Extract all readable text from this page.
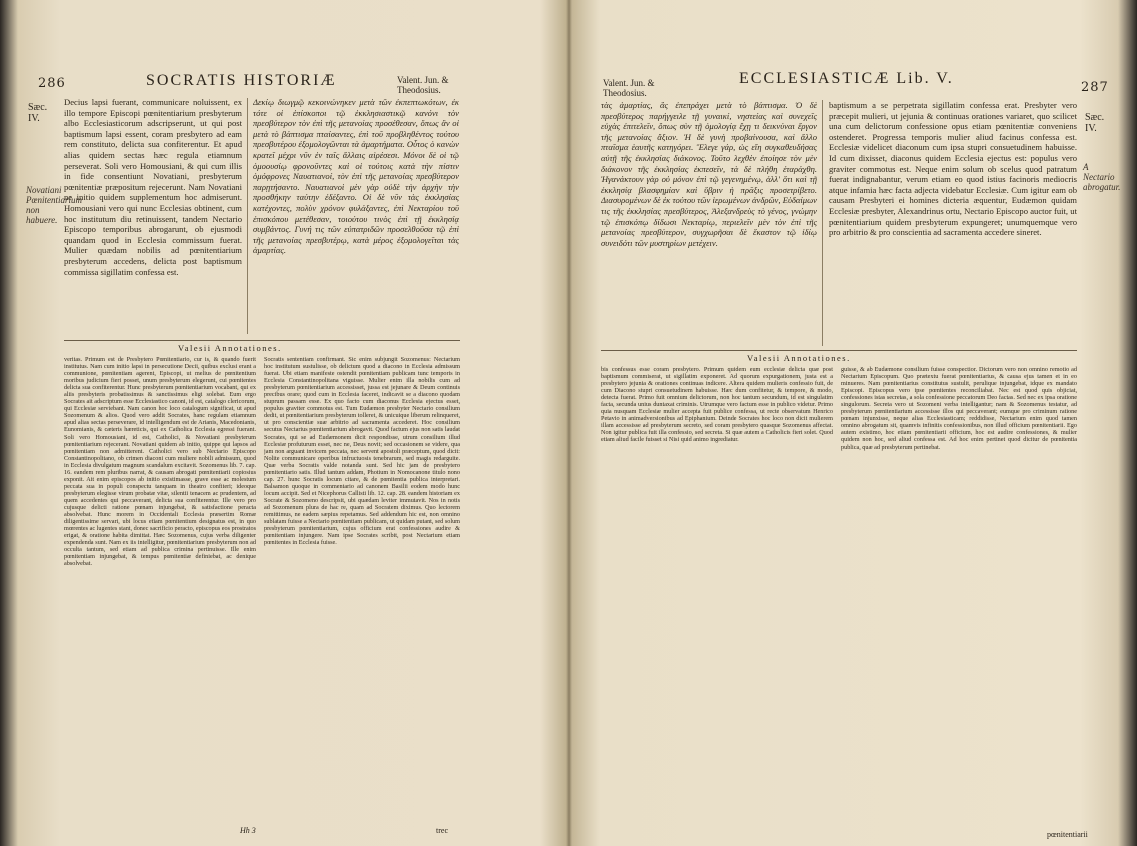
286	SOCRATIS HISTORIÆ	Valent. Jun. & Theodosius.
Sæc. IV.
Novatiani Pœnitentiarium non habuere.

Decius lapsi fuerant, communicare noluissent, ex illo tempore Episcopi pœnitentiarium presbyterum albo Ecclesiasticorum adscripserunt, ut qui post baptismum lapsi essent, coram presbytero ad eam rem constituto, delicta sua confiterentur. Et apud alias quidem sectas hæc regula etiamnum perseverat. Soli vero Homousiani, & qui cum illis in fide consentiunt Novatiani, presbyterum pœnitentiæ præpositum rejecerunt. Nam Novatiani ne initio quidem supplementum hoc admiserunt. Homousiani vero qui nunc Ecclesias obtinent, cum hoc institutum diu retinuissent, tandem Nectario Episcopo temporibus abrogarunt, ob ejusmodi quandam quod in Ecclesia commissum fuerat. Mulier quædam nobilis ad pœnitentiarium presbyterum accedens, delicta post baptismum commissa sigillatim confessa est.

Δεκίῳ διωγμῷ κεκοινώνηκεν μετὰ τῶν ἐκπεπτωκότων, ἐκ τότε οἱ ἐπίσκοποι τῷ ἐκκλησιαστικῷ κανόνι τὸν πρεσβύτερον τὸν ἐπὶ τῆς μετανοίας προσέθεσαν, ὅπως ἂν οἱ μετὰ τὸ βάπτισμα πταίσαντες, ἐπὶ τοῦ προβληθέντος τούτου πρεσβυτέρου ἐξομολογῶνται τὰ ἁμαρτήματα. Οὗτος ὁ κανὼν κρατεῖ μέχρι νῦν ἐν ταῖς ἄλλαις αἱρέσεσι. Μόνοι δὲ οἱ τῷ ὁμοουσίῳ φρονοῦντες καὶ οἱ τούτοις κατὰ τὴν πίστιν ὁμόφρονες Ναυατιανοί, τὸν ἐπὶ τῆς μετανοίας πρεσβύτερον παρῃτήσαντο. Ναυατιανοὶ μὲν γὰρ οὐδὲ τὴν ἀρχὴν τὴν προσθήκην ταύτην ἐδέξαντο. Οἱ δὲ νῦν τὰς ἐκκλησίας κατέχοντες, πολὺν χρόνον φυλάξαντες, ἐπὶ Νεκταρίου τοῦ ἐπισκόπου μετέθεσαν, τοιούτου τινὸς ἐπὶ τῇ ἐκκλησίᾳ συμβάντος. Γυνή τις τῶν εὐπατριδῶν προσελθοῦσα τῷ ἐπὶ τῆς μετανοίας πρεσβυτέρῳ, κατὰ μέρος ἐξομολογεῖται τὰς ἁμαρτίας.

Valesii Annotationes.

veritas. Primum est de Presbytero Pœnitentiario, cur is, & quando fuerit institutus. Nam cum initio lapsi in persecutione Decii, quibus exclusi erant a communione, pœnitentiam agerent, Episcopi, ut melius de pœnitentium moribus judicium fieri posset, unum presbyterum elegerunt, cui pœnitentes delicta sua confiterentur. Hunc presbyterum pœnitentiarium vocabant, qui ex aliis presbyteris probatissimus & sanctissimus eligi solebat. Eum ergo Socrates ait adscriptum esse Ecclesiastico canoni, id est, catalogo clericorum, qui Ecclesiæ serviebant. Nam canon hoc loco catalogum significat, ut apud Sozomenum & alios. Quod vero addit Socrates, hanc regulam etiamnum apud alias sectas perseverare, id intelligendum est de Arianis, Macedonianis, Eunomianis, & cæteris hæreticis, qui ex Catholica Ecclesia egressi fuerant. Soli vero Homousiani, id est, Catholici, & Novatiani presbyterum pœnitentiarium rejecerant. Novatiani quidem ab initio, quippe qui lapsos ad pœnitentiam non admitterent. Catholici vero sub Nectario Episcopo Constantinopolitano, ob crimen diaconi cum muliere nobili admissum, quod in Ecclesia divulgatum magnum scandalum excitavit. Sozomenus lib. 7. cap. 16. eandem rem pluribus narrat, & causam abrogati pœnitentiarii copiosius exponit. Ait enim episcopos ab initio existimasse, grave esse ac molestum peccata sua in populi conspectu tanquam in theatro confiteri; ideoque presbyterum elegisse virum probatæ vitæ, silentii tenacem ac prudentem, ad quem accedentes qui peccaverant, delicta sua confiterentur. Ille vero pro cujusque delicti ratione pœnam injungebat, & satisfactione peracta absolvebat. Hunc morem in Occidentali Ecclesia præsertim Romæ diligentissime servari, ubi locus etiam pœnitentium designatus est, in quo mœrentes ac lugentes stant, donec sacrificio peracto, episcopus eos prostratos erigat, & oratione habita dimittat. Hæc Sozomenus, cujus verba diligenter expendenda sunt. Nam ex iis intelligitur, pœnitentiarium presbyterum non ad occulta tantum, sed etiam ad publica crimina pertinuisse. Ille enim pœnitentiam injungebat, & tempus pœnitentiæ definiebat, ac denique absolvebat.

Socratis sententiam confirmant. Sic enim subjungit Sozomenus: Nectarium hoc institutum sustulisse, ob delictum quod a diacono in Ecclesia admissum fuerat. Ubi etiam manifeste ostendit pœnitentiam publicam tunc temporis in Ecclesia Constantinopolitana viguisse. Mulier enim illa nobilis cum ad presbyterum pœnitentiarium accessisset, jussa est jejunare & Deum continuis precibus orare; quod cum in Ecclesia faceret, indicavit se a diacono quodam stuprum passam esse. Ex quo facto cum diaconus Ecclesia ejectus esset, populus graviter commotus est. Tum Eudæmon presbyter Nectario consilium dedit, ut pœnitentiarium presbyterum tolleret, & unicuique liberum relinqueret, ut pro conscientiæ suæ arbitrio ad sacramenta accederet. Hoc consilium secutus Nectarius pœnitentiarium abrogavit. Quod factum ejus non satis laudat Socrates, qui se ad Eudæmonem dicit respondisse, utrum consilium illud Ecclesiæ profuturum esset, nec ne, Deus novit; sed occasionem se videre, qua jam non arguant invicem peccata, nec servent apostoli præceptum, quod dicit: Nolite communicare operibus infructuosis tenebrarum, sed magis redarguite. Quæ verba Socratis valde notanda sunt. Sed hic jam de presbytero pœnitentiario satis. Illud tantum addam, Photium in Nomocanone titulo nono cap. 27. hunc Socratis locum citare, & de pœnitentia publica interpretari. Balsamon quoque in commentario ad canonem Basilii eodem modo hunc locum accipit. Sed et Nicephorus Callisti lib. 12. cap. 28. eandem historiam ex Socrate & Sozomeno descripsit, ubi quædam leviter immutavit. Nos in notis ad Sozomenum plura de hac re, quam ad Socratem diximus. Quo lectorem remittimus, ne eadem sæpius repetamus. Sed addendum hic est, non omnino sublatam fuisse a Nectario pœnitentiam publicam, ut quidam putant, sed solum presbyterum pœnitentiarium, cujus officium erat confessiones audire & pœnitentiam injungere. Nam ipse Socrates scribit, post Nectarium etiam pœnitentes in Ecclesia fuisse.

Hh 3	trec
Valent. Jun. & Theodosius.
ECCLESIASTICÆ Lib. V.
287
Sæc. IV.
A Nectario abrogatur.

τὰς ἁμαρτίας, ἃς ἐπεπράχει μετὰ τὸ βάπτισμα. Ὁ δὲ πρεσβύτερος παρήγγειλε τῇ γυναικί, νηστείας καὶ συνεχεῖς εὐχὰς ἐπιτελεῖν, ὅπως σὺν τῇ ὁμολογίᾳ ἔχῃ τι δεικνύναι ἔργον τῆς μετανοίας ἄξιον. Ἡ δὲ γυνὴ προβαίνουσα, καὶ ἄλλο πταῖσμα ἑαυτῆς κατηγόρει. Ἔλεγε γάρ, ὡς εἴη συγκαθευδήσας αὐτῇ τῆς ἐκκλησίας διάκονος. Τοῦτο λεχθὲν ἐποίησε τὸν μὲν διάκονον τῆς ἐκκλησίας ἐκπεσεῖν, τὰ δὲ πλήθη ἐταράχθη. Ἠγανάκτουν γὰρ οὐ μόνον ἐπὶ τῷ γεγενημένῳ, ἀλλ' ὅτι καὶ τῇ ἐκκλησίᾳ βλασφημίαν καὶ ὕβριν ἡ πρᾶξις προσετρίβετο. Διασυρομένων δὲ ἐκ τούτου τῶν ἱερωμένων ἀνδρῶν, Εὐδαίμων τις τῆς ἐκκλησίας πρεσβύτερος, Ἀλεξανδρεὺς τὸ γένος, γνώμην τῷ ἐπισκόπῳ δίδωσι Νεκταρίῳ, περιελεῖν μὲν τὸν ἐπὶ τῆς μετανοίας πρεσβύτερον, συγχωρῆσαι δὲ ἕκαστον τῷ ἰδίῳ συνειδότι τῶν μυστηρίων μετέχειν.

baptismum a se perpetrata sigillatim confessa erat. Presbyter vero præcepit mulieri, ut jejunia & continuas orationes variaret, quo scilicet una cum delictorum confessione opus etiam pœnitentiæ conveniens ostenderet. Progressa temporis mulier aliud facinus confessa est. Ecclesiæ videlicet diaconum cum ipsa stupri consuetudinem habuisse. Id cum dixisset, diaconus quidem Ecclesia ejectus est: populus vero graviter commotus est. Neque enim solum ob scelus quod patratum fuerat indignabantur, verum etiam eo quod istius facinoris mediocris atque infamia hæc facta adjecta videbatur Ecclesiæ. Cum igitur eam ob causam Presbyteri ei homines dicteria æquentur, Eudæmon quidam Ecclesiæ presbyter, Alexandrinus ortu, Nectario Episcopo auctor fuit, ut pœnitentiarium quidem presbyterum expungeret; unumquemque vero pro arbitrio & pro conscientia ad sacramenta accedere sineret.

Valesii Annotationes.

bis confessus esse coram presbytero. Primum quidem eum ecclesiæ delicta quæ post baptismum commiserat, ut sigillatim exponeret. Ad quorum expurgationem, justa est a presbytero jejunia & orationes continuas indicere. Altera quidem mulieris confessio fuit, de cum Diacono stupri consuetudinem habuisse. Hæc dum confitetur, & tempore, & modo, detecta fuerat. Primo fuit omnium delictorum, non hoc tantum secundum, id est singulatim facta, secunda unius duntaxat criminis. Utrumque vero factum esse in publico videtur. Primo quia nusquam Ecclesiæ mulier accepta fuit publice confessa, ut recte observatum Henrico Petavio in animadversionibus ad Epiphanium. Deinde Socrates hoc loco non dicit mulierem illam accessisse ad presbyterum secreto, sed coram presbytero quasque Sozomenus affectat. Non igitur publica fuit illa confessio, sed secreta. Si quæ autem a Catholicis fieri solet. Quod etiam aliud facile fuisset si Nisi quid animo ingrediatur.

guisse, & ab Eudæmone consilium fuisse conspectior. Dictorum vero non omnino remotio ad Nectarium Episcopum. Quo prætextu fuerat pœnitentiarius, & causa ejus tamen et in eo minueres. Nam pœnitentiarius constitutus sustulit, perulique injungebat, idque ex mandato Episcopi. Episcopus vero ipse pœnitentes reconciliabat. Nec est quod quis objiciat, confessiones istas secretas, a sola confessione peccatorum Deo factas. Sed nec ex ipsa oratione singulorum. Secreta vero ut Sozomeni verba intelligantur; nam & Sozomenus testatur, ad presbyterum pœnitentiarium accessisse illos qui peccaverant; eumque pro criminum ratione pœnam injunxisse, neque alias Ecclesiasticam; reddidisse, Nectarium enim quod tamen omnino abrogatum sit, quamvis infinitis confessionibus, non illud officium pœnitentiarii. Ego autem existimo, hoc etiam pœnitentiarii officium, hoc est audire confessiones, & mulier quidem non hoc, sed aliud confessa est. Ad hoc enim pertinet quod dicitur de pœnitentia publica, quæ ad presbyterum pertinebat.

pœnitentiarii
